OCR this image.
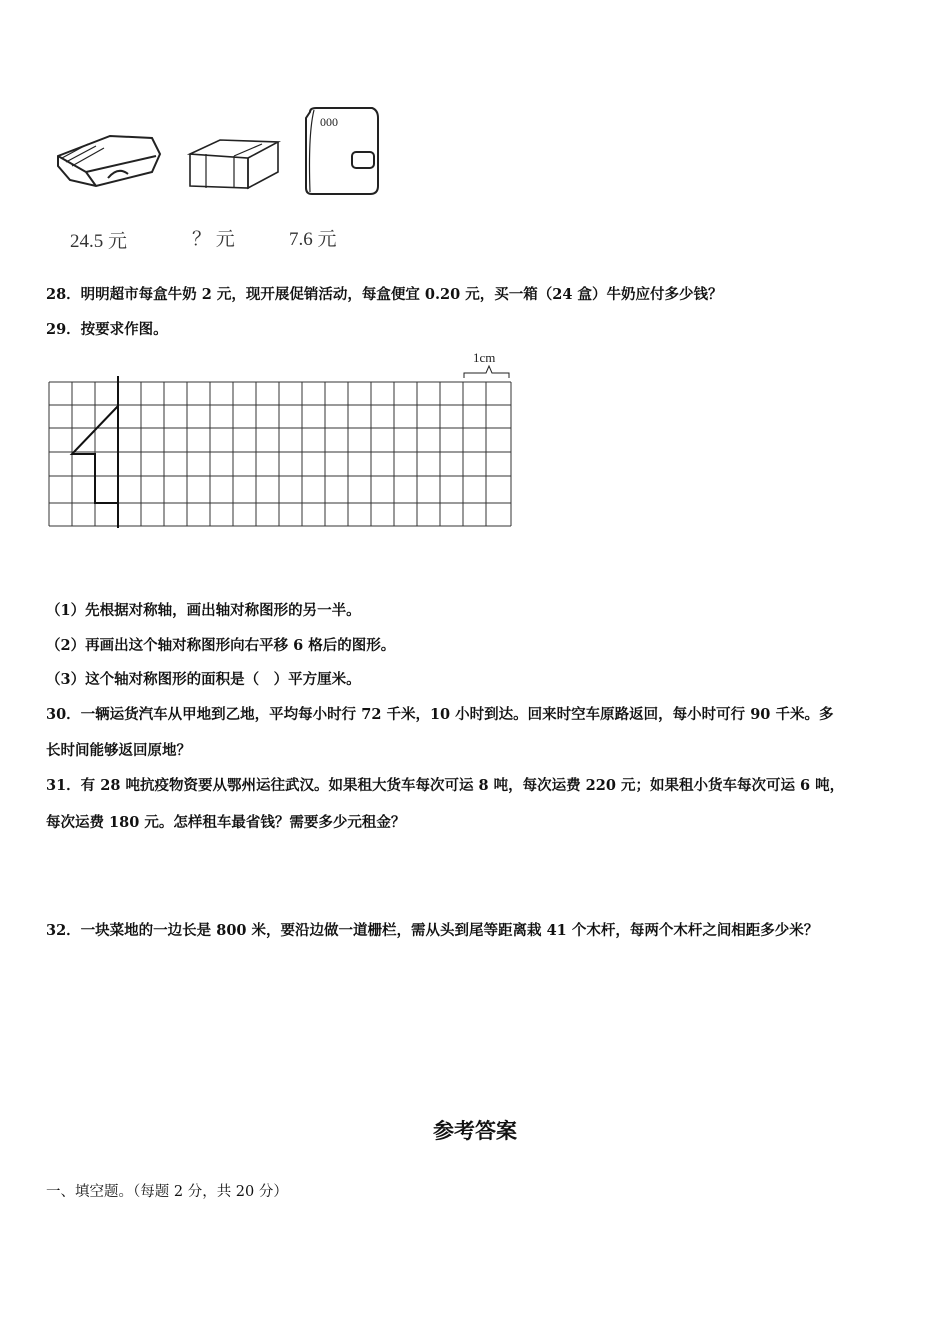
000
24.5 元	？ 元	7.6 元
28．明明超市每盒牛奶 2 元，现开展促销活动，每盒便宜 0.20 元，买一箱（24 盒）牛奶应付多少钱？
29．按要求作图。
1cm
（1）先根据对称轴，画出轴对称图形的另一半。
（2）再画出这个轴对称图形向右平移 6 格后的图形。
（3）这个轴对称图形的面积是（　）平方厘米。
30．一辆运货汽车从甲地到乙地，平均每小时行 72 千米，10 小时到达。回来时空车原路返回，每小时可行 90 千米。多
长时间能够返回原地？
31．有 28 吨抗疫物资要从鄂州运往武汉。如果租大货车每次可运 8 吨，每次运费 220 元；如果租小货车每次可运 6 吨，
每次运费 180 元。怎样租车最省钱？需要多少元租金？
32．一块菜地的一边长是 800 米，要沿边做一道栅栏，需从头到尾等距离栽 41 个木杆，每两个木杆之间相距多少米？
参考答案
一、填空题。（每题 2 分，共 20 分）
